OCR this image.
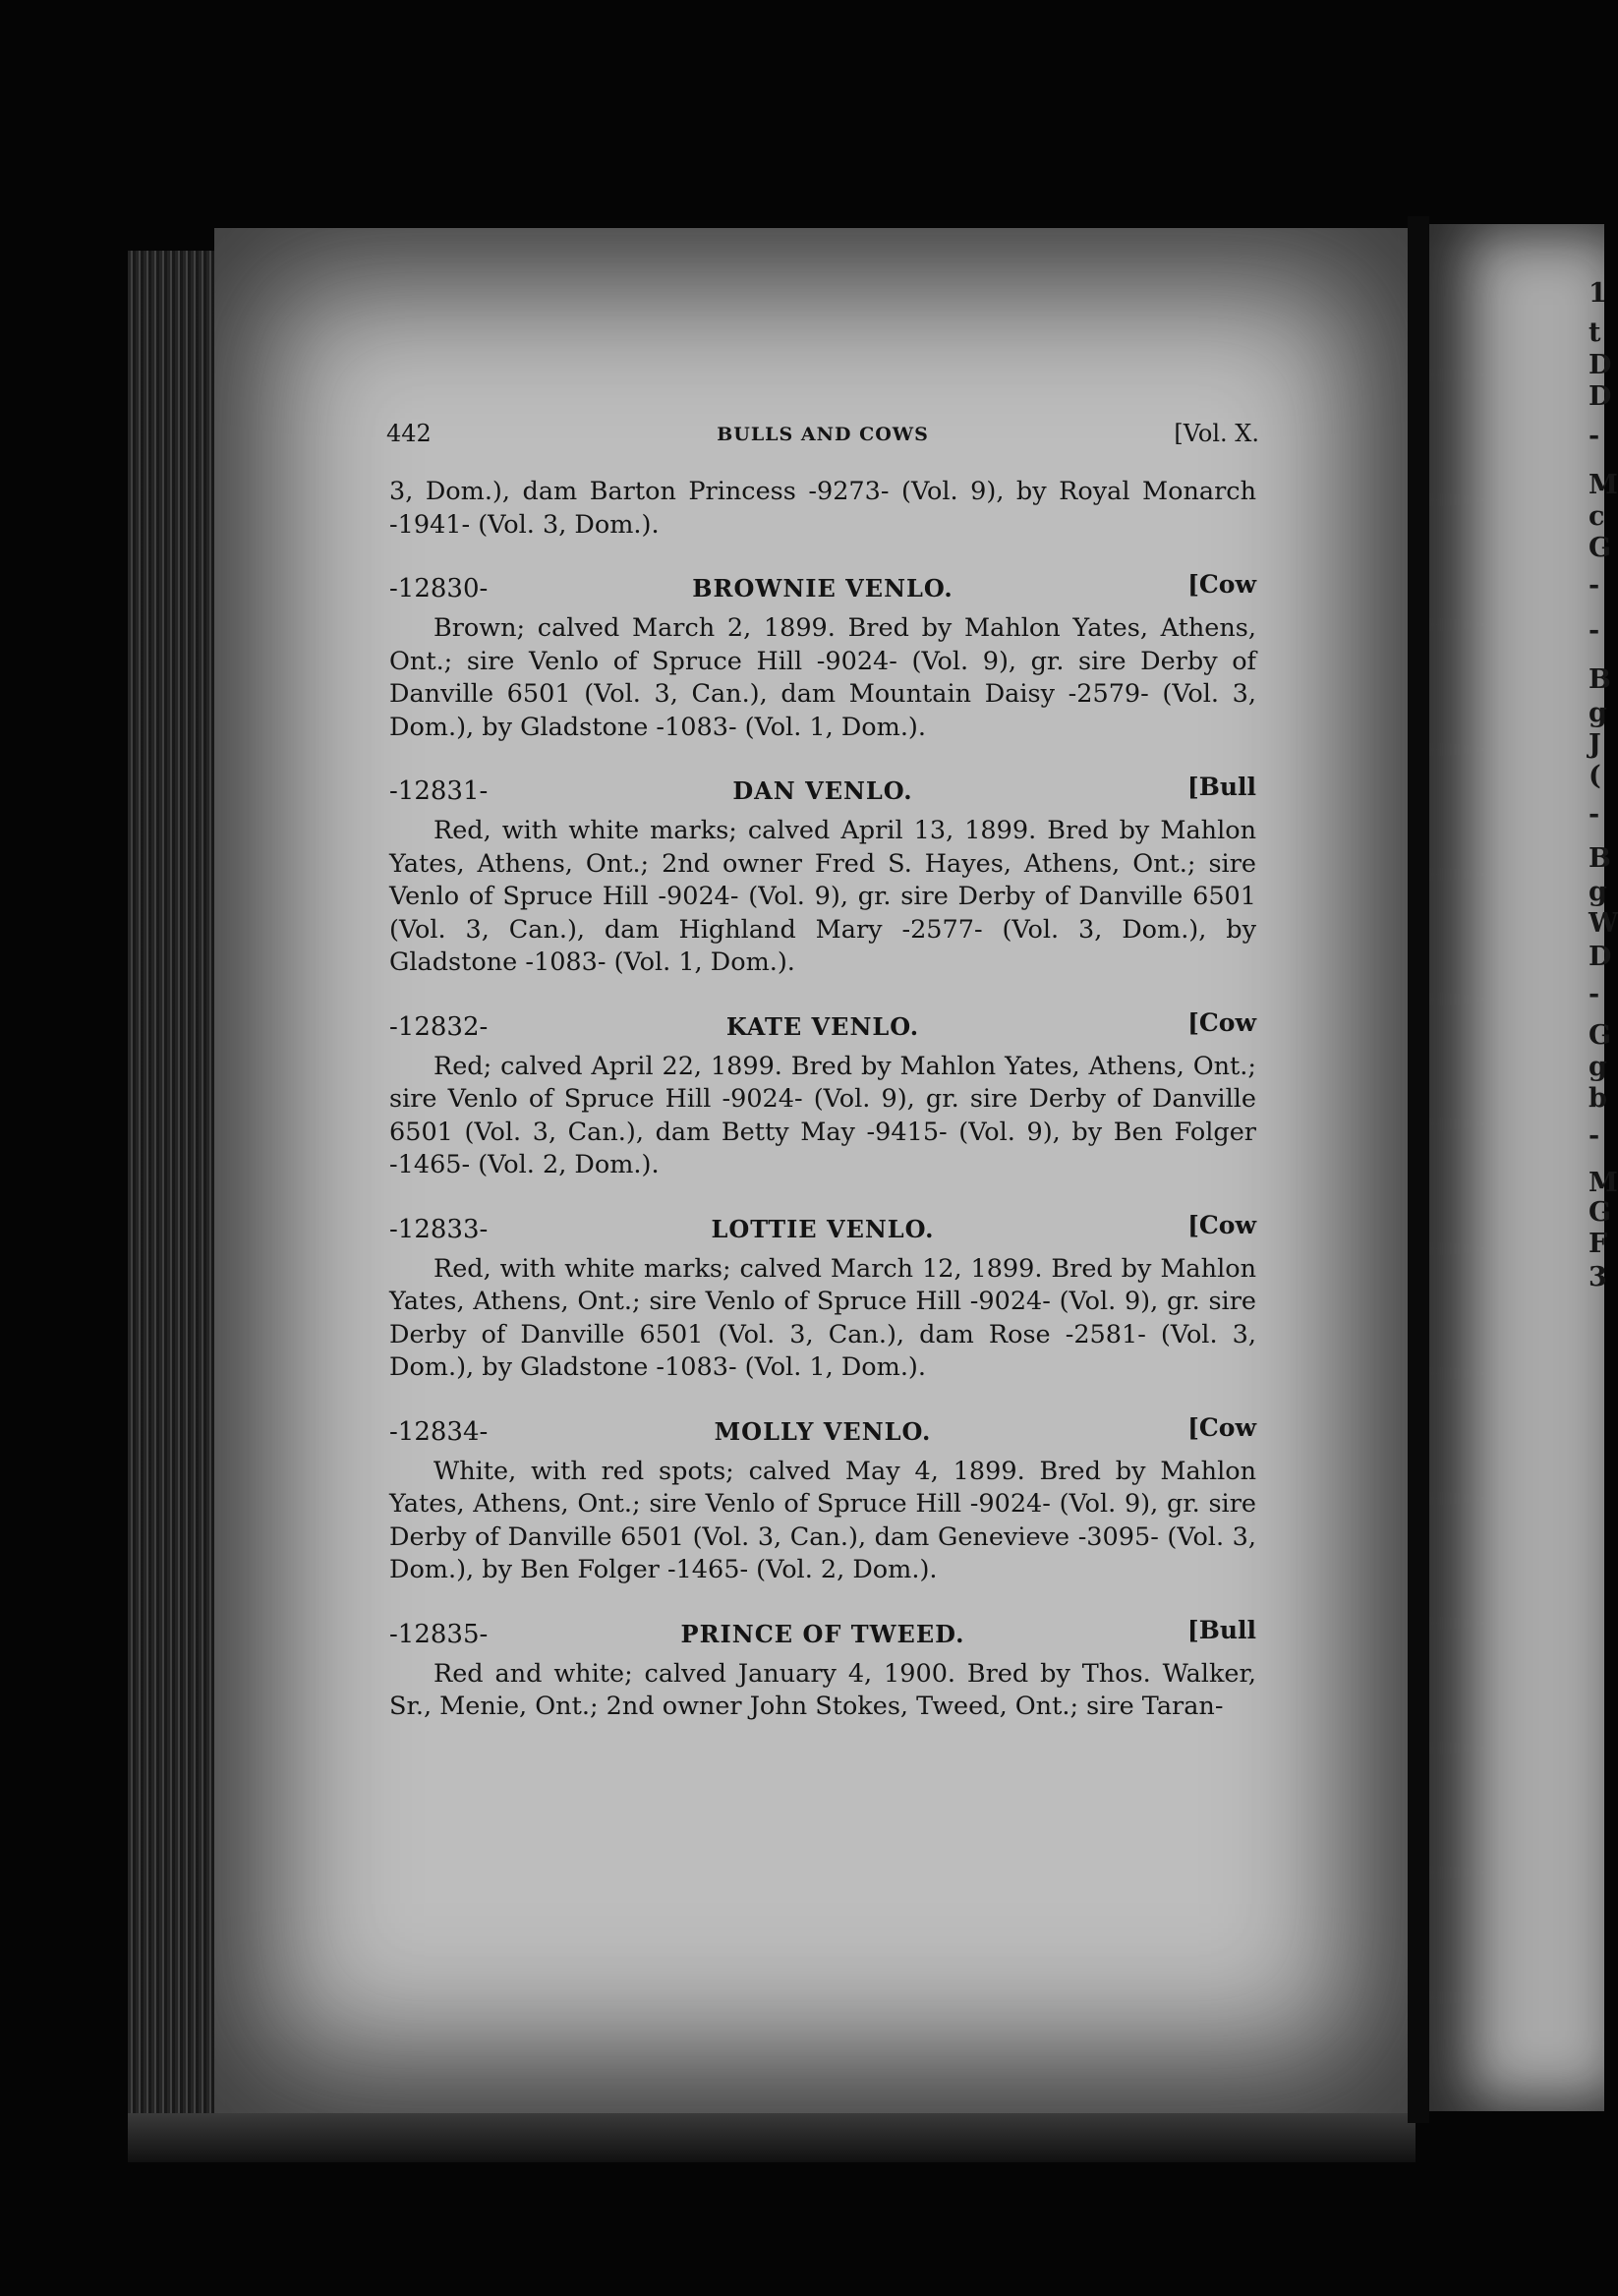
442	BULLS AND COWS	[Vol. X.

3, Dom.), dam Barton Princess -9273- (Vol. 9), by Royal Monarch -1941- (Vol. 3, Dom.).

-12830-	BROWNIE VENLO.	[Cow

Brown; calved March 2, 1899. Bred by Mahlon Yates, Athens, Ont.; sire Venlo of Spruce Hill -9024- (Vol. 9), gr. sire Derby of Danville 6501 (Vol. 3, Can.), dam Mountain Daisy -2579- (Vol. 3, Dom.), by Gladstone -1083- (Vol. 1, Dom.).

-12831-	DAN VENLO.	[Bull

Red, with white marks; calved April 13, 1899. Bred by Mahlon Yates, Athens, Ont.; 2nd owner Fred S. Hayes, Athens, Ont.; sire Venlo of Spruce Hill -9024- (Vol. 9), gr. sire Derby of Danville 6501 (Vol. 3, Can.), dam Highland Mary -2577- (Vol. 3, Dom.), by Gladstone -1083- (Vol. 1, Dom.).

-12832-	KATE VENLO.	[Cow

Red; calved April 22, 1899. Bred by Mahlon Yates, Athens, Ont.; sire Venlo of Spruce Hill -9024- (Vol. 9), gr. sire Derby of Danville 6501 (Vol. 3, Can.), dam Betty May -9415- (Vol. 9), by Ben Folger -1465- (Vol. 2, Dom.).

-12833-	LOTTIE VENLO.	[Cow

Red, with white marks; calved March 12, 1899. Bred by Mahlon Yates, Athens, Ont.; sire Venlo of Spruce Hill -9024- (Vol. 9), gr. sire Derby of Danville 6501 (Vol. 3, Can.), dam Rose -2581- (Vol. 3, Dom.), by Gladstone -1083- (Vol. 1, Dom.).

-12834-	MOLLY VENLO.	[Cow

White, with red spots; calved May 4, 1899. Bred by Mahlon Yates, Athens, Ont.; sire Venlo of Spruce Hill -9024- (Vol. 9), gr. sire Derby of Danville 6501 (Vol. 3, Can.), dam Genevieve -3095- (Vol. 3, Dom.), by Ben Folger -1465- (Vol. 2, Dom.).

-12835-	PRINCE OF TWEED.	[Bull

Red and white; calved January 4, 1900. Bred by Thos. Walker, Sr., Menie, Ont.; 2nd owner John Stokes, Tweed, Ont.; sire Taran-

1
t
D
D
-
M
c
G
-
-
B
g
J
(
-
B
g
W
D
-
G
g
b
-
M
G
F
3
